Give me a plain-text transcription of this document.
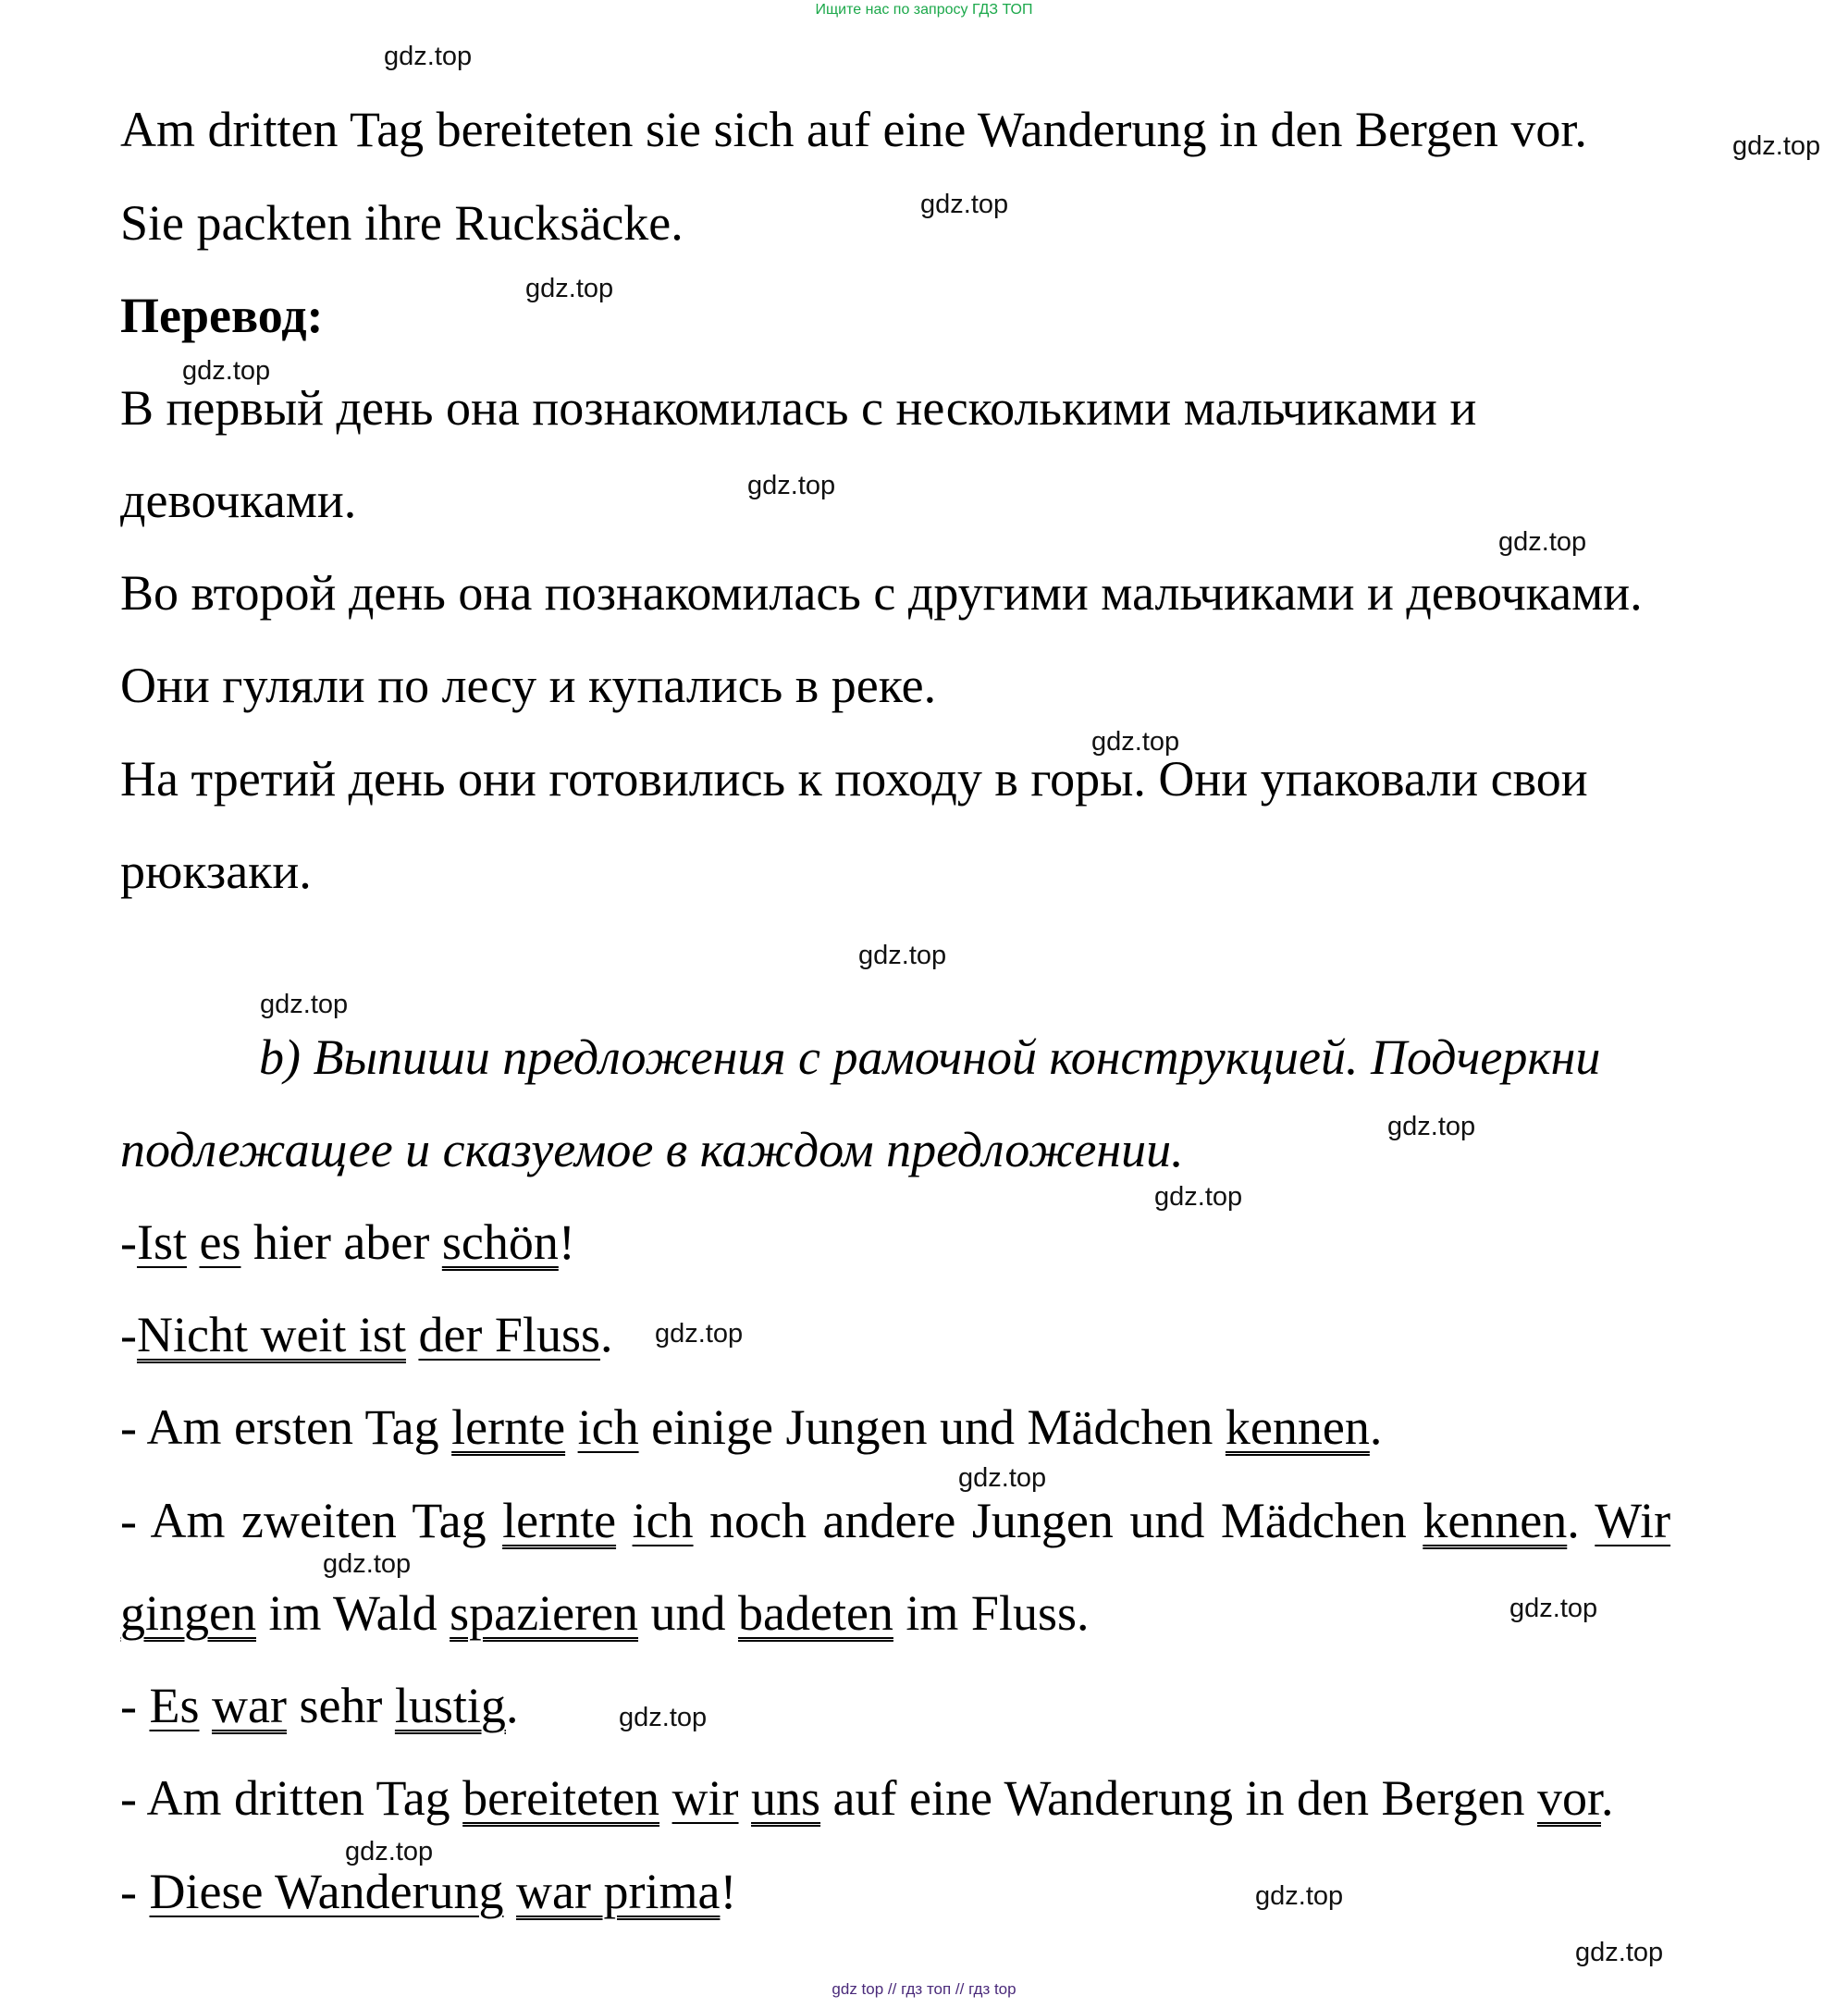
Ищите нас по запросу ГДЗ ТОП
gdz top // гдз топ // гдз top
gdz.top
gdz.top
gdz.top
gdz.top
gdz.top
gdz.top
gdz.top
gdz.top
gdz.top
gdz.top
gdz.top
gdz.top
gdz.top
gdz.top
gdz.top
gdz.top
gdz.top
gdz.top
gdz.top
gdz.top
Am dritten Tag bereiteten sie sich auf eine Wanderung in den Bergen vor.
Sie packten ihre Rucksäcke.
Перевод:
В первый день она познакомилась с несколькими мальчиками и
девочками.
Во второй день она познакомилась с другими мальчиками и девочками.
Они гуляли по лесу и купались в реке.
На третий день они готовились к походу в горы. Они упаковали свои
рюкзаки.
b) Выпиши предложения с рамочной конструкцией. Подчеркни
подлежащее и сказуемое в каждом предложении.
-Ist es hier aber schön!
-Nicht weit ist der Fluss.
- Am ersten Tag lernte ich einige Jungen und Mädchen kennen.
- Am zweiten Tag lernte ich noch andere Jungen und Mädchen kennen. Wir
gingen im Wald spazieren und badeten im Fluss.
- Es war sehr lustig.
- Am dritten Tag bereiteten wir uns auf eine Wanderung in den Bergen vor.
- Diese Wanderung war prima!
